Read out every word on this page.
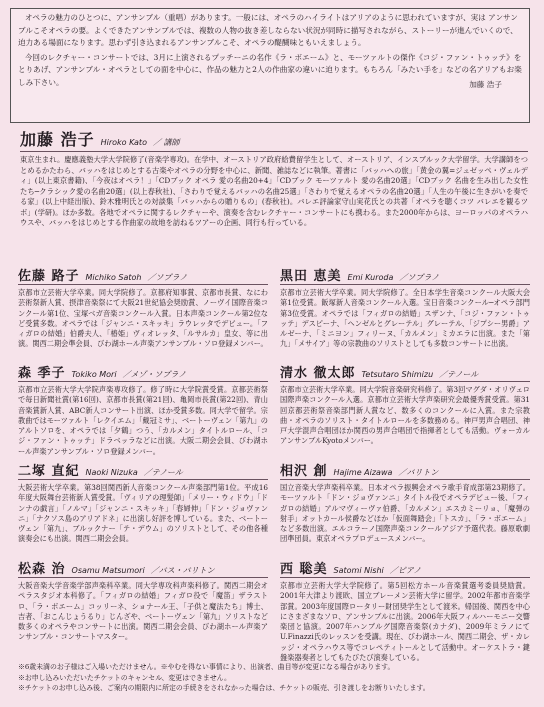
オペラの魅力のひとつに、アンサンブル（重唱）があります。一般には、オペラのハイライトはアリアのように思われていますが、実は アンサンブルこそオペラの要。よくできたアンサンブルでは、複数の人物の抜き差しならない状況が同時に描写されながら、ストーリーが進んでいくので、迫力ある場面になります。思わず引き込まれるアンサンブルこそ、オペラの醍醐味ともいえましょう。

今回のレクチャー・コンサートでは、3月に上演されるプッチーニの名作《ラ・ボエーム》と、モーツァルトの傑作《コジ・ファン・トゥッテ》をとりあげ、アンサンブル・オペラとしての面を中心に、作品の魅力と2人の作曲家の違いに迫ります。もちろん「みたい手を」などの名アリアもお楽しみ下さい。	加藤 浩子
加藤 浩子 Hiroko Kato ／ 講師
東京生まれ。慶應義塾大学大学院修了(音楽学専攻)。在学中、オーストリア政府給費留学生として、オーストリア、インスブルック大学留学。大学講師をつとめるかたわら、バッハをはじめとする古楽やオペラの分野を中心に、新聞、雑誌などに執筆。著書に「バッハへの旅」「黄金の翼=ジュゼッペ・ヴェルディ」(以上東京書籍)、「今夜はオペラ！」「CDブック オペラ 愛の名曲20+4」「CDブック モーツァルト 愛の名曲20選」「CDブック 名曲を生み出した女性たち─クラシック愛の名曲20選」(以上春秋社)、「さわりで覚えるバッハの名曲25選」「さわりで覚えるオペラの名曲20選」「人生の午後に生きがいを奏でる家」(以上中経出版)、鈴木雅明氏との対談集「バッハからの贈りもの」(春秋社)。バレエ評論家守山実花氏との共著「オペラを聴くコツ バレエを観るツボ」(学研)。ほか多数。各地でオペラに関するレクチャーや、演奏を含むレクチャー・コンサートにも携わる。また2000年からは、ヨーロッパのオペラハウスや、バッハをはじめとする作曲家の故地を訪ねるツアーの企画、同行も行っている。
佐藤 路子 Michiko Satoh ／ソプラノ
京都市立芸術大学卒業。同大学院修了。京都府知事賞、京都市長賞、なにわ芸術祭新人賞、摂津音楽祭にて大阪21世紀協会奨励賞、ノーヴイ国際音楽コンクール第1位、宝塚ベガ音楽コンクール入賞。日本声楽コンクール第2位など受賞多数。オペラでは「ジャンニ・スキッキ」ラウレッタでデビュー。「フィガロの結婚」伯爵夫人、「椿姫」ヴィオレッタ、「ルサルカ」皇女、等に出演。関西二期会準会員、びわ湖ホール声楽アンサンブル・ソロ登録メンバー。
黒田 恵美 Emi Kuroda ／ソプラノ
京都市立芸術大学卒業。同大学院修了。全日本学生音楽コンクール大阪大会第1位受賞。飯塚新人音楽コンクール入選。宝日音楽コンクール─オペラ部門第3位受賞。オペラでは「フィガロの結婚」スザンナ、「コジ・ファン・トゥッテ」デスピーナ、「ヘンゼルとグレーテル」グレーテル、「ジプシー男爵」アルゼーナ、「ミニヨン」フィリーヌ、「カルメン」ミカエラに出演。また「第九」「メサイア」等の宗教曲のソリストとしても多数コンサートに出演。
森 季子 Tokiko Mori ／メゾ・ソプラノ
京都市立芸術大学大学院声楽専攻修了。修了時に大学院賞受賞。京都芸術祭で毎日新聞社賞(第16回)、京都市長賞(第21回)、亀岡市長賞(第22回)、青山音楽賞新人賞、ABC新人コンサート出演、ほか受賞多数。同大学で留学。宗教曲ではモーツァルト「レクイエム」「戴冠ミサ」、ベートーヴェン「第九」のアルトソロを、オペラでは「夕鶴」つう、「カルメン」タイトルロール、「コジ・ファン・トゥッテ」ドラベッラなどに出演。大阪二期会会員、びわ湖ホール声楽アンサンブル・ソロ登録メンバー。
清水 徹太郎 Tetsutaro Shimizu ／テノール
京都市立芸術大学卒業。同大学院音楽研究科修了。第3回マグダ・オリヴェロ国際声楽コンクール入選。京都市立芸術大学声楽研究会最優秀賞受賞。第31回京都芸術祭音楽部門新人賞など、数多くのコンクールに入賞。また宗教曲・オペラのソリスト・タイトルロールを多数務める。神戸男声合唱団、神戸大学混声合唱団ほか関西の男声合唱団で指揮者としても活動。ヴォーカルアンサンブルKyotoメンバー。
二塚 直紀 Naoki Nizuka ／テノール
大阪芸術大学卒業。第38回関西新人音楽コンクール声楽部門第1位。平成16年度大阪舞台芸術新人賞受賞。「ヴィリアの理髪師」「メリー・ウィドウ」「ドンナの戯言」「ノルマ」「ジャンニ・スキッキ」「春婦伸」「ドン・ジョヴァンニ」「ナクソス島のアリアドネ」に出演し好評を博している。また、ベートーヴェン「第九」、ブルックナー「テ・デウム」のソリストとして、その他各種演奏会にも出演。関西二期会会員。
相沢 創 Hajime Aizawa ／バリトン
国立音楽大学声楽科卒業。日本オペラ振興会オペラ歌手育成部第23期修了。モーツァルト「ドン・ジョヴァンニ」タイトル役でオペラデビュー後、「フィガロの結婚」アルマヴィーヴァ伯爵、「カルメン」エスカミーリョ、「魔弾の射手」オットカール侯爵などほか「仮面舞踏会」「トスカ」、「ラ・ボエーム」など多数出演。エルコラーノ国際声楽コンクールアジア予選代表。藤原歌劇団準団員。東京オペラプロデュースメンバー。
松森 治 Osamu Matsumori ／バス・バリトン
大阪音楽大学音楽学部声楽科卒業。同大学専攻科声楽科修了。関西二期会オペラスタジオ本科修了。「フィガロの結婚」フィガロ役で「魔笛」ザラストロ、「ラ・ボエーム」コッリーネ、ショナール王、「子供と魔法たち」博士、吉者、「おこんじょうるり」じんざや、ベートーヴェン「第九」ソリストなど数多くのオペラやコンサートに出演。関西二期会会員、びわ湖ホール声楽アンサンブル・コンサートマスター。
西 聡美 Satomi Nishi ／ピアノ
京都市立芸術大学大学院修了。第5回松方ホール音楽賞選考委員奨励賞。2001年大津より渡欧、国立ブレーメン芸術大学に留学。2002年都市音楽学部賞。2003年度国際ロータリー財団奨学生として渡米。帰国後、関西を中心にさまざまなソロ、アンサンブルに出演。2006年大阪フィルハーモニー交響楽団と協演。2007年ハンブルグ国際音楽祭(カナダ)、2009年ミラノにてU.Finazzi氏のレッスンを受講。現在、びわ湖ホール、関西二期会、ザ・カレッジ・オペラハウス等でコレペティトールとして活動中。オーケストラ・鍵盤楽器奏者としてもたびたび演奏している。
※6歳未満のお子様はご入場いただけません。※やむを得ない事情により、出演者、曲目等が変更になる場合があります。
※お申し込みいただいたチケットのキャンセル、変更はできません。
※チケットのお申し込み後、ご案内の期限内に所定の手続きをされなかった場合は、チケットの販売、引き渡しをお断りいたします。
